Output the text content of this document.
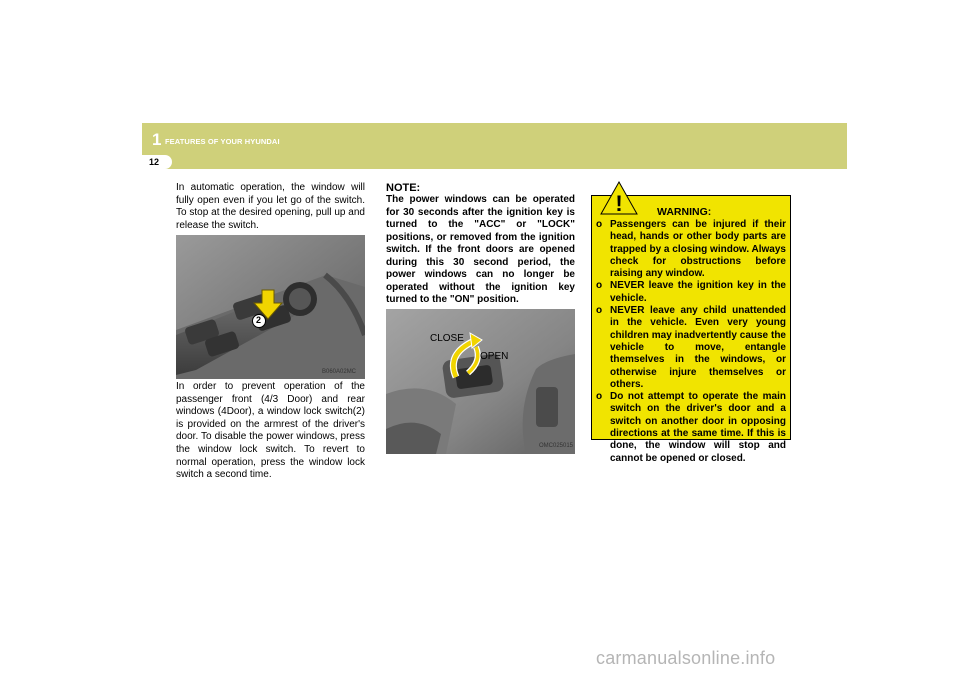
1 FEATURES OF YOUR HYUNDAI
12
In automatic operation, the window will fully open even if you let go of the switch. To stop at the desired opening, pull up and release the switch.
2
B060A02MC
In order to prevent operation of the passenger front (4/3 Door) and rear windows (4Door), a window lock switch(2) is provided on the armrest of the driver's door. To disable the power windows, press the window lock switch. To revert to normal operation, press the window lock switch a second time.
NOTE:
The power windows can be operated for 30 seconds after the ignition key is turned to the "ACC" or "LOCK" positions, or removed from the ignition switch. If the front doors are opened during this 30 second period, the power windows can no longer be operated without the ignition key turned to the "ON" position.
CLOSE
OPEN
OMC025015
!	WARNING:
o Passengers can be injured if their head, hands or other body parts are trapped by a closing window. Always check for obstructions before raising any window.
o NEVER leave the ignition key in the vehicle.
o NEVER leave any child unattended in the vehicle. Even very young children may inadvertently cause the vehicle to move, entangle themselves in the windows, or otherwise injure themselves or others.
o Do not attempt to operate the main switch on the driver's door and a switch on another door in opposing directions at the same time. If this is done, the window will stop and cannot be opened or closed.
carmanualsonline.info
